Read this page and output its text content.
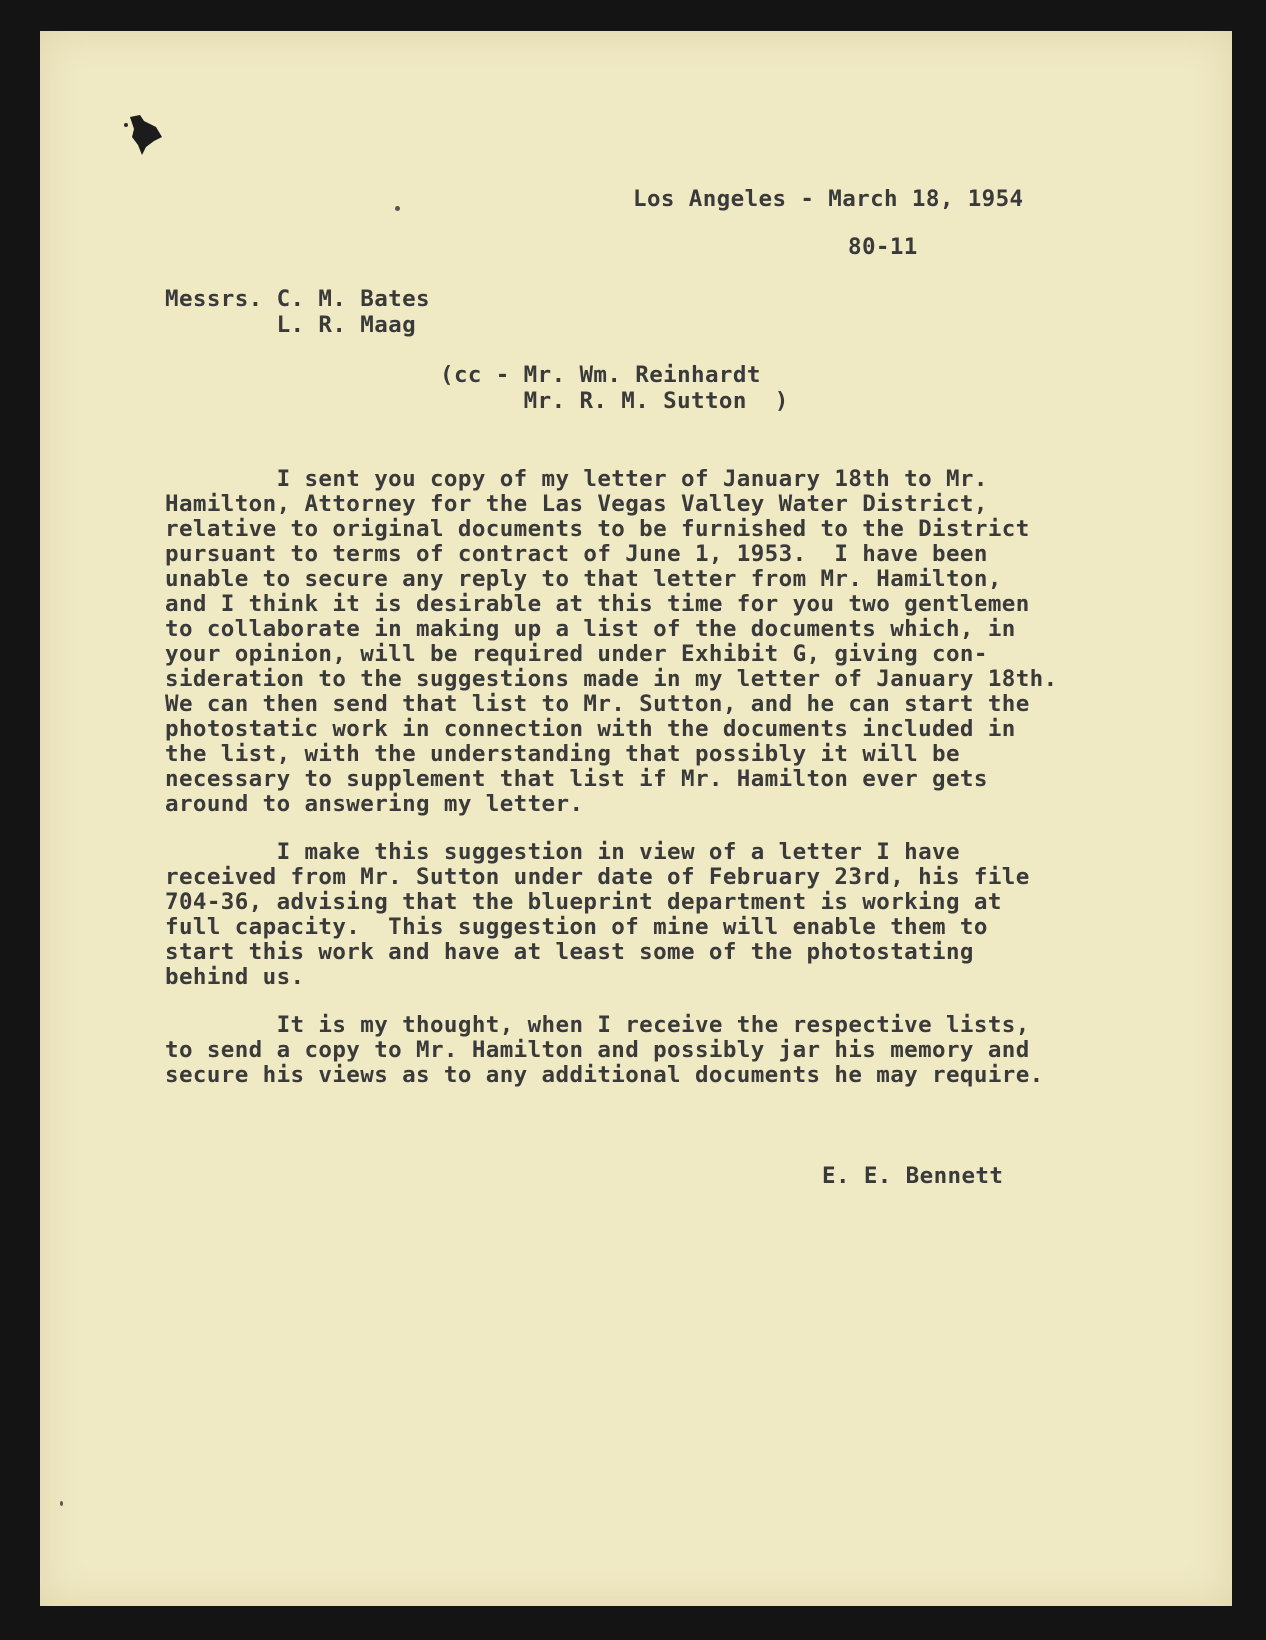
Los Angeles - March 18, 1954
80-11
Messrs. C. M. Bates
L. R. Maag
(cc - Mr. Wm. Reinhardt
Mr. R. M. Sutton  )
I sent you copy of my letter of January 18th to Mr.
Hamilton, Attorney for the Las Vegas Valley Water District,
relative to original documents to be furnished to the District
pursuant to terms of contract of June 1, 1953.  I have been
unable to secure any reply to that letter from Mr. Hamilton,
and I think it is desirable at this time for you two gentlemen
to collaborate in making up a list of the documents which, in
your opinion, will be required under Exhibit G, giving con-
sideration to the suggestions made in my letter of January 18th.
We can then send that list to Mr. Sutton, and he can start the
photostatic work in connection with the documents included in
the list, with the understanding that possibly it will be
necessary to supplement that list if Mr. Hamilton ever gets
around to answering my letter.
I make this suggestion in view of a letter I have
received from Mr. Sutton under date of February 23rd, his file
704-36, advising that the blueprint department is working at
full capacity.  This suggestion of mine will enable them to
start this work and have at least some of the photostating
behind us.
It is my thought, when I receive the respective lists,
to send a copy to Mr. Hamilton and possibly jar his memory and
secure his views as to any additional documents he may require.
E. E. Bennett
